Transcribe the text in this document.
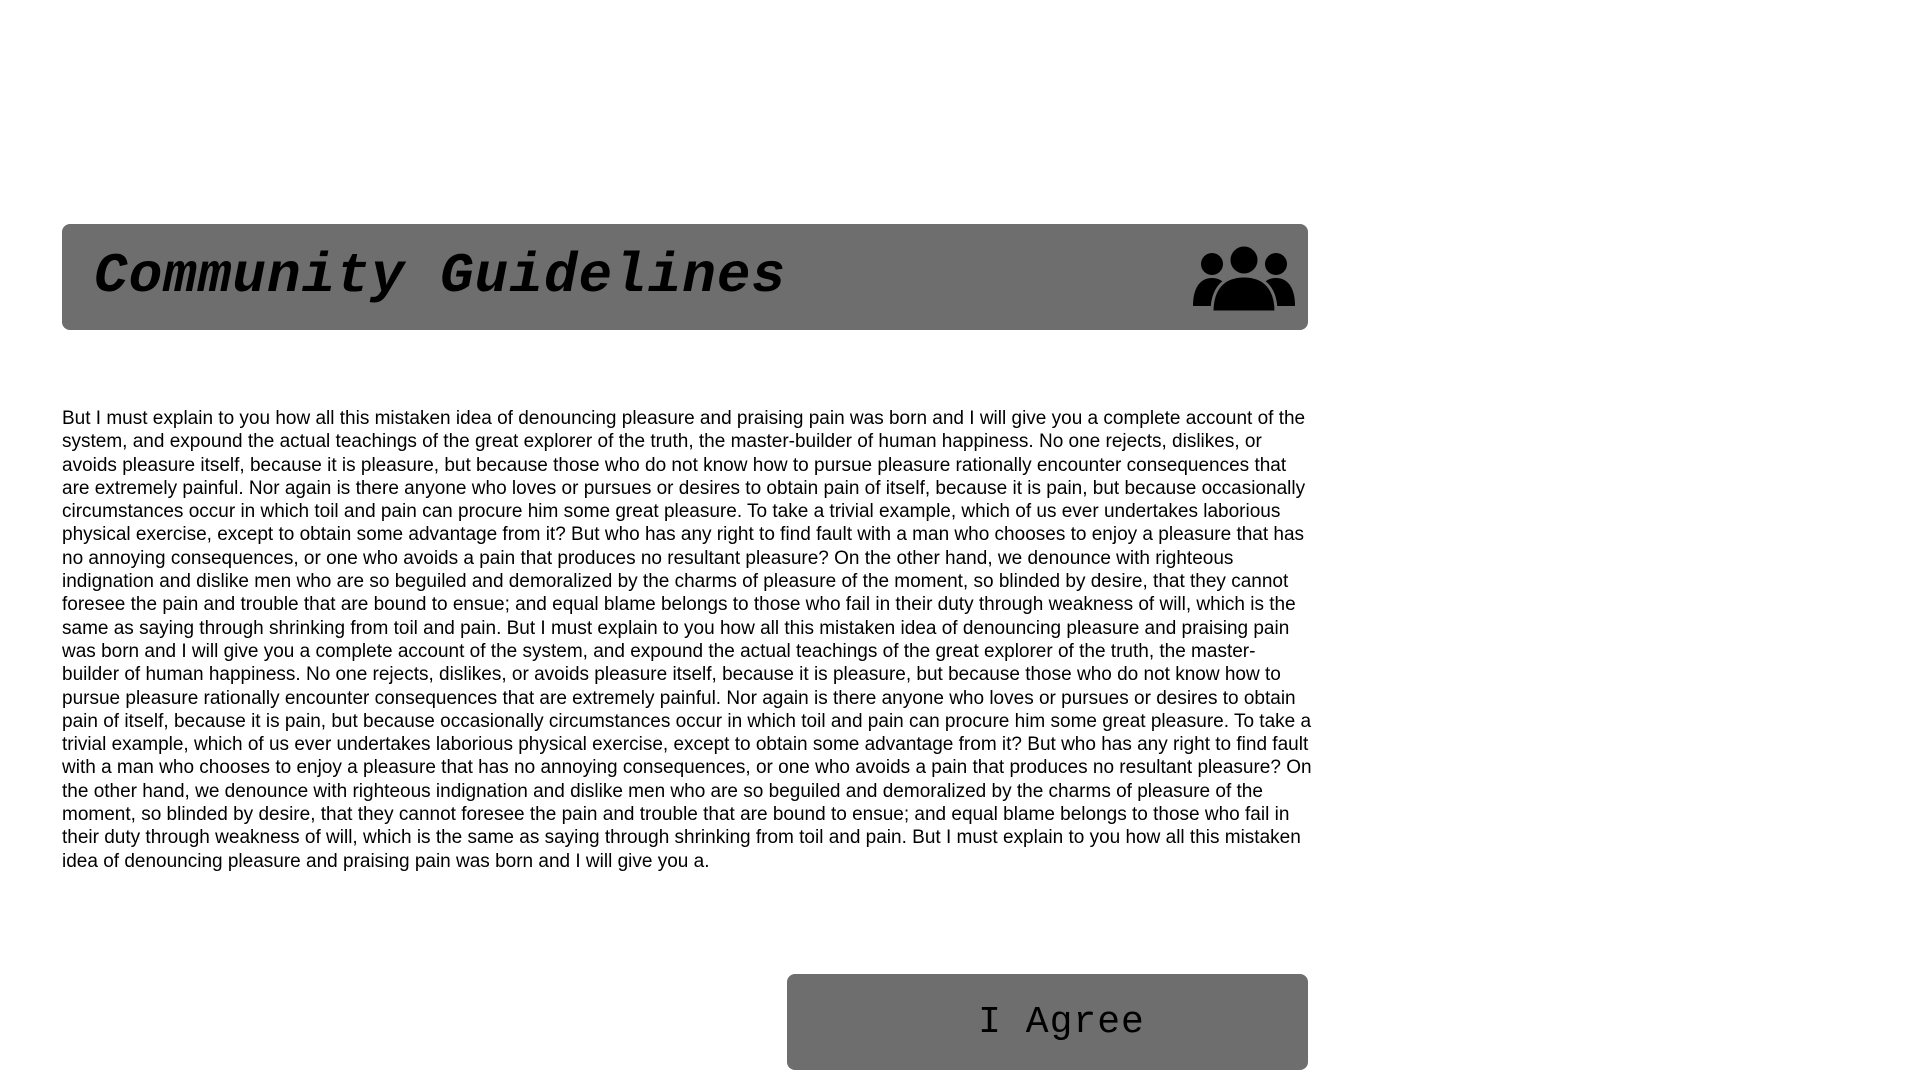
Community Guidelines

But I must explain to you how all this mistaken idea of denouncing pleasure and praising pain was born and I will give you a complete account of the system, and expound the actual teachings of the great explorer of the truth, the master-builder of human happiness. No one rejects, dislikes, or avoids pleasure itself, because it is pleasure, but because those who do not know how to pursue pleasure rationally encounter consequences that are extremely painful. Nor again is there anyone who loves or pursues or desires to obtain pain of itself, because it is pain, but because occasionally circumstances occur in which toil and pain can procure him some great pleasure. To take a trivial example, which of us ever undertakes laborious physical exercise, except to obtain some advantage from it? But who has any right to find fault with a man who chooses to enjoy a pleasure that has no annoying consequences, or one who avoids a pain that produces no resultant pleasure? On the other hand, we denounce with righteous indignation and dislike men who are so beguiled and demoralized by the charms of pleasure of the moment, so blinded by desire, that they cannot foresee the pain and trouble that are bound to ensue; and equal blame belongs to those who fail in their duty through weakness of will, which is the same as saying through shrinking from toil and pain. But I must explain to you how all this mistaken idea of denouncing pleasure and praising pain was born and I will give you a complete account of the system, and expound the actual teachings of the great explorer of the truth, the master-builder of human happiness. No one rejects, dislikes, or avoids pleasure itself, because it is pleasure, but because those who do not know how to pursue pleasure rationally encounter consequences that are extremely painful. Nor again is there anyone who loves or pursues or desires to obtain pain of itself, because it is pain, but because occasionally circumstances occur in which toil and pain can procure him some great pleasure. To take a trivial example, which of us ever undertakes laborious physical exercise, except to obtain some advantage from it? But who has any right to find fault with a man who chooses to enjoy a pleasure that has no annoying consequences, or one who avoids a pain that produces no resultant pleasure? On the other hand, we denounce with righteous indignation and dislike men who are so beguiled and demoralized by the charms of pleasure of the moment, so blinded by desire, that they cannot foresee the pain and trouble that are bound to ensue; and equal blame belongs to those who fail in their duty through weakness of will, which is the same as saying through shrinking from toil and pain. But I must explain to you how all this mistaken idea of denouncing pleasure and praising pain was born and I will give you a.

I Agree
